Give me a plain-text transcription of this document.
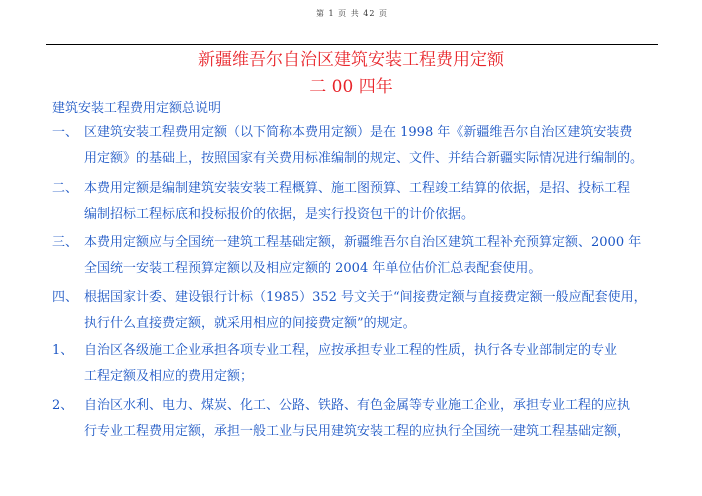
第 1 页 共 42 页
新疆维吾尔自治区建筑安装工程费用定额
二 00 四年
建筑安装工程费用定额总说明
一、 区建筑安装工程费用定额（以下简称本费用定额）是在 1998 年《新疆维吾尔自治区建筑安装费
用定额》的基础上，按照国家有关费用标准编制的规定、文件、并结合新疆实际情况进行编制的。
二、 本费用定额是编制建筑安装安装工程概算、施工图预算、工程竣工结算的依据，是招、投标工程
编制招标工程标底和投标报价的依据，是实行投资包干的计价依据。
三、 本费用定额应与全国统一建筑工程基础定额，新疆维吾尔自治区建筑工程补充预算定额、2000 年
全国统一安装工程预算定额以及相应定额的 2004 年单位估价汇总表配套使用。
四、 根据国家计委、建设银行计标（1985）352 号文关于“间接费定额与直接费定额一般应配套使用，
执行什么直接费定额，就采用相应的间接费定额”的规定。
1、 自治区各级施工企业承担各项专业工程，应按承担专业工程的性质，执行各专业部制定的专业
工程定额及相应的费用定额；
2、 自治区水利、电力、煤炭、化工、公路、铁路、有色金属等专业施工企业，承担专业工程的应执
行专业工程费用定额，承担一般工业与民用建筑安装工程的应执行全国统一建筑工程基础定额，
